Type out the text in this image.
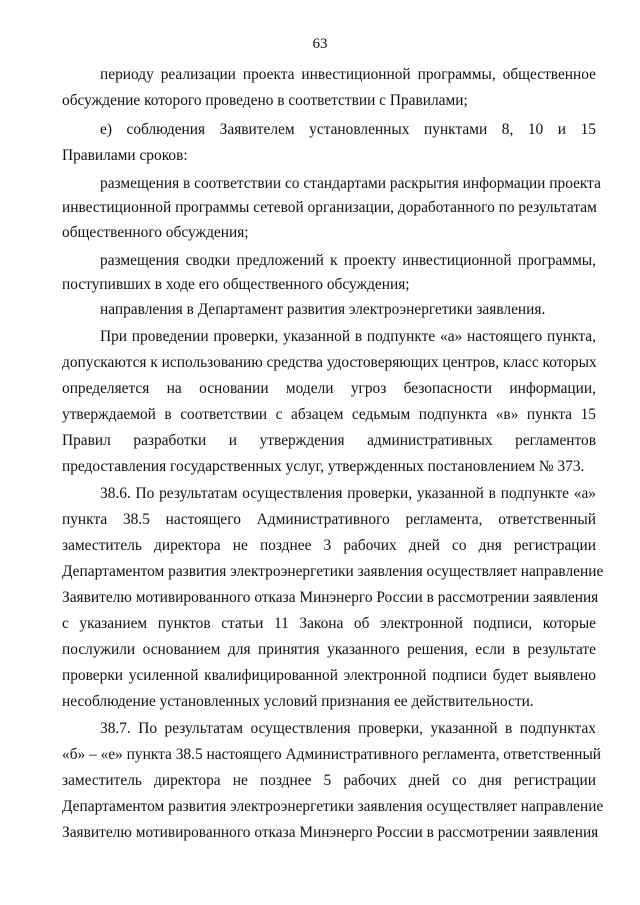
63
периоду реализации проекта инвестиционной программы, общественное
обсуждение которого проведено в соответствии с Правилами;
е) соблюдения Заявителем установленных пунктами 8, 10 и 15
Правилами сроков:
размещения в соответствии со стандартами раскрытия информации проекта
инвестиционной программы сетевой организации, доработанного по результатам
общественного обсуждения;
размещения сводки предложений к проекту инвестиционной программы,
поступивших в ходе его общественного обсуждения;
направления в Департамент развития электроэнергетики заявления.
При проведении проверки, указанной в подпункте «а» настоящего пункта,
допускаются к использованию средства удостоверяющих центров, класс которых
определяется на основании модели угроз безопасности информации,
утверждаемой в соответствии с абзацем седьмым подпункта «в» пункта 15
Правил разработки и утверждения административных регламентов
предоставления государственных услуг, утвержденных постановлением № 373.
38.6. По результатам осуществления проверки, указанной в подпункте «а»
пункта 38.5 настоящего Административного регламента, ответственный
заместитель директора не позднее 3 рабочих дней со дня регистрации
Департаментом развития электроэнергетики заявления осуществляет направление
Заявителю мотивированного отказа Минэнерго России в рассмотрении заявления
с указанием пунктов статьи 11 Закона об электронной подписи, которые
послужили основанием для принятия указанного решения, если в результате
проверки усиленной квалифицированной электронной подписи будет выявлено
несоблюдение установленных условий признания ее действительности.
38.7. По результатам осуществления проверки, указанной в подпунктах
«б» – «е» пункта 38.5 настоящего Административного регламента, ответственный
заместитель директора не позднее 5 рабочих дней со дня регистрации
Департаментом развития электроэнергетики заявления осуществляет направление
Заявителю мотивированного отказа Минэнерго России в рассмотрении заявления
